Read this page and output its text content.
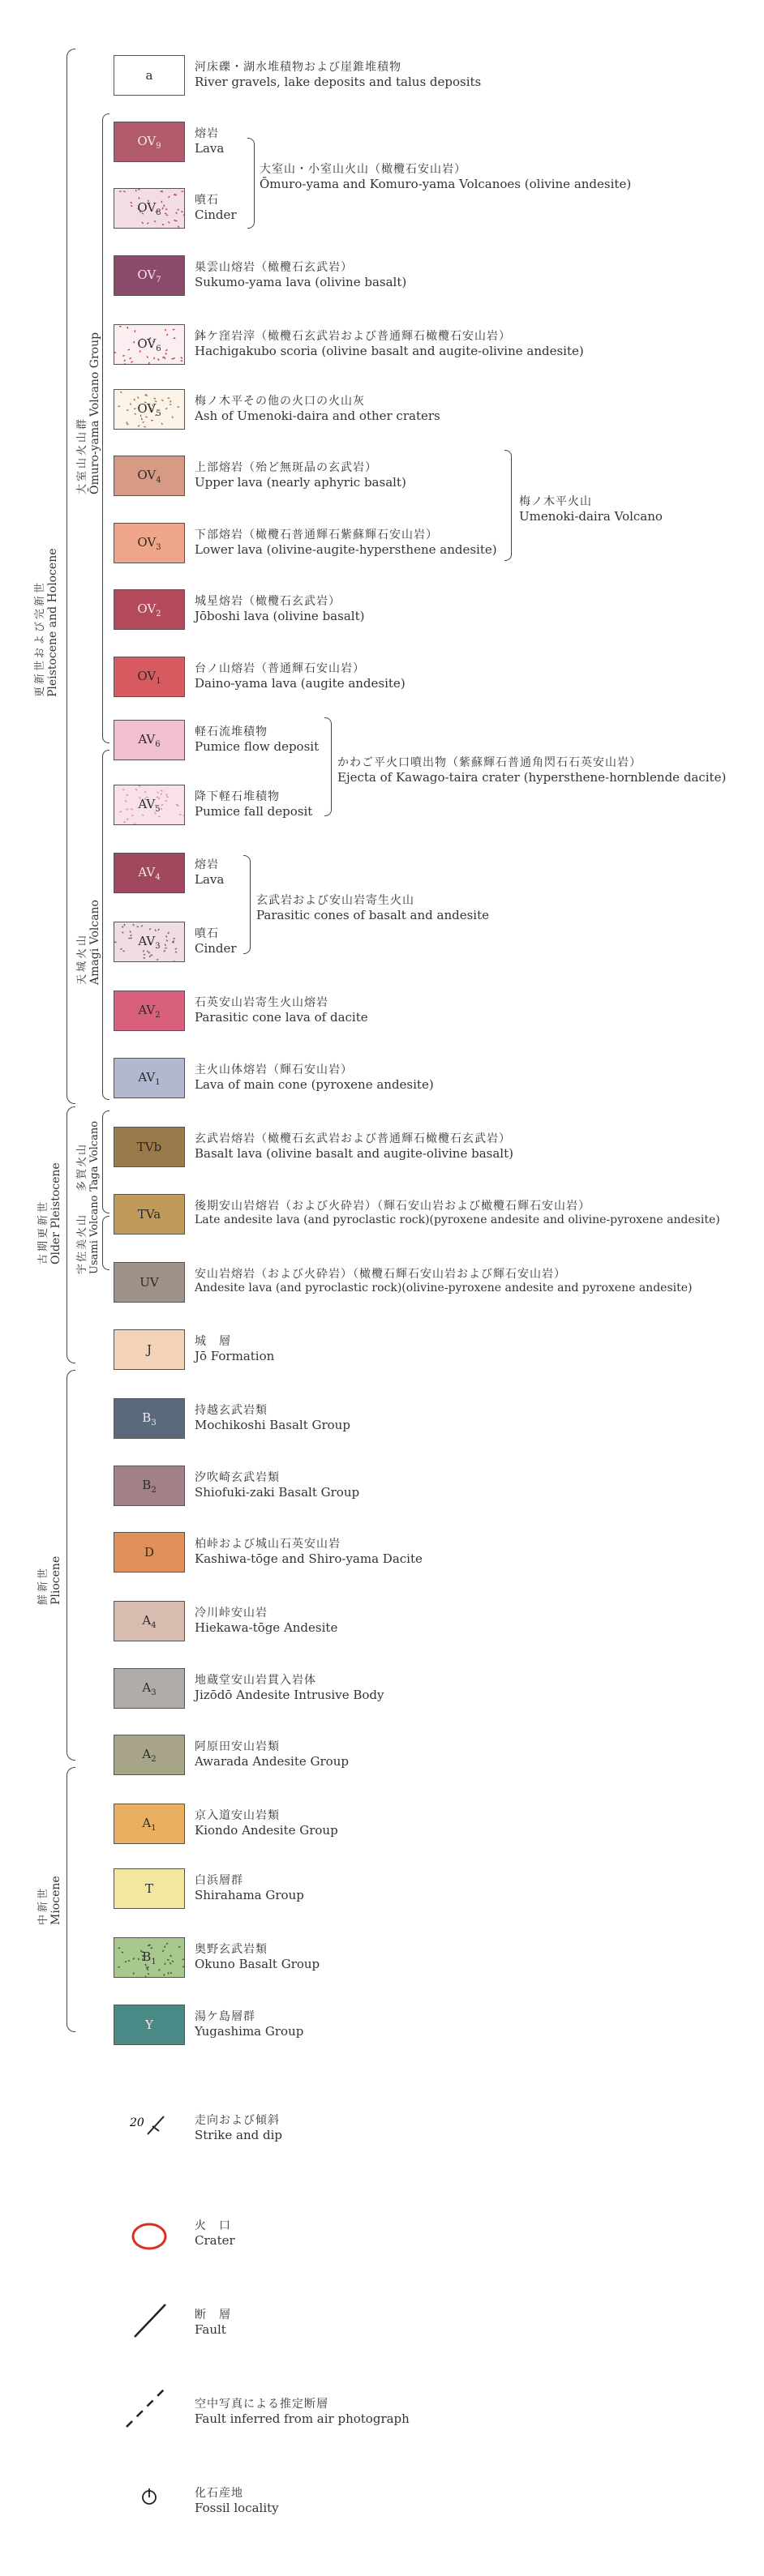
a
河床礫・湖水堆積物および崖錐堆積物
River gravels, lake deposits and talus deposits
$OV_9$
熔岩
Lava
$OV_8$
噴石
Cinder
$OV_7$
巣雲山熔岩（橄欖石玄武岩）
Sukumo-yama lava (olivine basalt)
$OV_6$
鉢ケ窪岩滓（橄欖石玄武岩および普通輝石橄欖石安山岩）
Hachigakubo scoria (olivine basalt and augite-olivine andesite)
$OV_5$
梅ノ木平その他の火口の火山灰
Ash of Umenoki-daira and other craters
$OV_4$
上部熔岩（殆ど無斑晶の玄武岩）
Upper lava (nearly aphyric basalt)
$OV_3$
下部熔岩（橄欖石普通輝石紫蘇輝石安山岩）
Lower lava (olivine-augite-hypersthene andesite)
$OV_2$
城星熔岩（橄欖石玄武岩）
Jōboshi lava (olivine basalt)
$OV_1$
台ノ山熔岩（普通輝石安山岩）
Daino-yama lava (augite andesite)
$AV_6$
軽石流堆積物
Pumice flow deposit
$AV_5$
降下軽石堆積物
Pumice fall deposit
$AV_4$
熔岩
Lava
$AV_3$
噴石
Cinder
$AV_2$
石英安山岩寄生火山熔岩
Parasitic cone lava of dacite
$AV_1$
主火山体熔岩（輝石安山岩）
Lava of main cone (pyroxene andesite)
TVb
玄武岩熔岩（橄欖石玄武岩および普通輝石橄欖石玄武岩）
Basalt lava (olivine basalt and augite-olivine basalt)
TVa
後期安山岩熔岩（および火砕岩）（輝石安山岩および橄欖石輝石安山岩）
Late andesite lava (and pyroclastic rock)(pyroxene andesite and olivine-pyroxene andesite)
UV
安山岩熔岩（および火砕岩）（橄欖石輝石安山岩および輝石安山岩）
Andesite lava (and pyroclastic rock)(olivine-pyroxene andesite and pyroxene andesite)
J
城　層
Jō Formation
$B_3$
持越玄武岩類
Mochikoshi Basalt Group
$B_2$
汐吹崎玄武岩類
Shiofuki-zaki Basalt Group
D
柏峠および城山石英安山岩
Kashiwa-tōge and Shiro-yama Dacite
$A_4$
冷川峠安山岩
Hiekawa-tōge Andesite
$A_3$
地蔵堂安山岩貫入岩体
Jizōdō Andesite Intrusive Body
$A_2$
阿原田安山岩類
Awarada Andesite Group
$A_1$
京入道安山岩類
Kiondo Andesite Group
T
白浜層群
Shirahama Group
$B_1$
奥野玄武岩類
Okuno Basalt Group
Y
湯ケ島層群
Yugashima Group
更新世および完新世 Pleistocene and Holocene
古期更新世 Older Pleistocene
鮮新世 Pliocene
中新世 Miocene
大室山火山群 Ōmuro-yama Volcano Group
天城火山 Amagi Volcano
多賀火山 Taga Volcano
宇佐美火山 Usami Volcano
大室山・小室山火山（橄欖石安山岩）
Ōmuro-yama and Komuro-yama Volcanoes (olivine andesite)
梅ノ木平火山
Umenoki-daira Volcano
かわご平火口噴出物（紫蘇輝石普通角閃石石英安山岩）
Ejecta of Kawago-taira crater (hypersthene-hornblende dacite)
玄武岩および安山岩寄生火山
Parasitic cones of basalt and andesite
20	走向および傾斜
Strike and dip
火　口
Crater
断　層
Fault
空中写真による推定断層
Fault inferred from air photograph
化石産地
Fossil locality
